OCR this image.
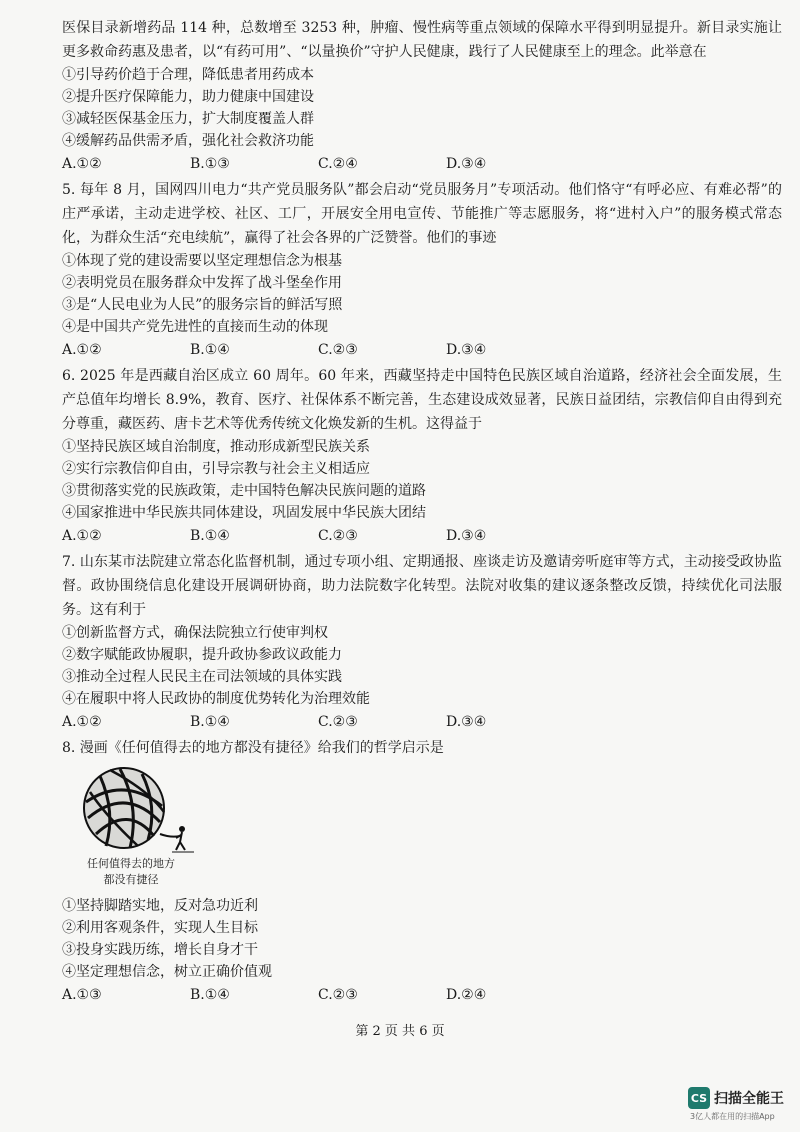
医保目录新增药品 114 种，总数增至 3253 种，肿瘤、慢性病等重点领域的保障水平得到明显提升。新目录实施让更多救命药惠及患者，以“有药可用”、“以量换价”守护人民健康，践行了人民健康至上的理念。此举意在

①引导药价趋于合理，降低患者用药成本

②提升医疗保障能力，助力健康中国建设

③减轻医保基金压力，扩大制度覆盖人群

④缓解药品供需矛盾，强化社会救济功能

A.①②	B.①③	C.②④	D.③④

5. 每年 8 月，国网四川电力“共产党员服务队”都会启动“党员服务月”专项活动。他们恪守“有呼必应、有难必帮”的庄严承诺，主动走进学校、社区、工厂，开展安全用电宣传、节能推广等志愿服务，将“进村入户”的服务模式常态化，为群众生活“充电续航”，赢得了社会各界的广泛赞誉。他们的事迹

①体现了党的建设需要以坚定理想信念为根基

②表明党员在服务群众中发挥了战斗堡垒作用

③是“人民电业为人民”的服务宗旨的鲜活写照

④是中国共产党先进性的直接而生动的体现

A.①②	B.①④	C.②③	D.③④

6. 2025 年是西藏自治区成立 60 周年。60 年来，西藏坚持走中国特色民族区域自治道路，经济社会全面发展，生产总值年均增长 8.9%，教育、医疗、社保体系不断完善，生态建设成效显著，民族日益团结，宗教信仰自由得到充分尊重，藏医药、唐卡艺术等优秀传统文化焕发新的生机。这得益于

①坚持民族区域自治制度，推动形成新型民族关系

②实行宗教信仰自由，引导宗教与社会主义相适应

③贯彻落实党的民族政策，走中国特色解决民族问题的道路

④国家推进中华民族共同体建设，巩固发展中华民族大团结

A.①②	B.①④	C.②③	D.③④

7. 山东某市法院建立常态化监督机制，通过专项小组、定期通报、座谈走访及邀请旁听庭审等方式，主动接受政协监督。政协围绕信息化建设开展调研协商，助力法院数字化转型。法院对收集的建议逐条整改反馈，持续优化司法服务。这有利于

①创新监督方式，确保法院独立行使审判权

②数字赋能政协履职，提升政协参政议政能力

③推动全过程人民民主在司法领域的具体实践

④在履职中将人民政协的制度优势转化为治理效能

A.①②	B.①④	C.②③	D.③④

8. 漫画《任何值得去的地方都没有捷径》给我们的哲学启示是

任何值得去的地方
都没有捷径

①坚持脚踏实地，反对急功近利

②利用客观条件，实现人生目标

③投身实践历练，增长自身才干

④坚定理想信念，树立正确价值观

A.①③	B.①④	C.②③	D.②④
第 2 页 共 6 页
CS 扫描全能王
3亿人都在用的扫描App
